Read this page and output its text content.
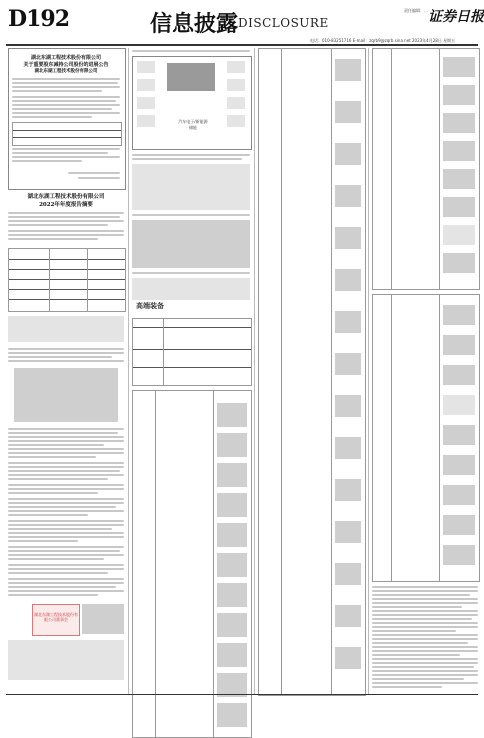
D192	信息披露 DISCLOSURE
责任编辑：… 证券日报
电话：010-83251716 E-mail：zqrb9@zqrb.sina.net 2023年4月28日 星期五
湖北东湖工程技术股份有限公司
关于重要股东减持公司股份的进展公告
湖北东湖工程技术股份有限公司
湖北东湖工程技术股份有限公司
2022年年度报告摘要
湖北东湖工程技术股份有限公司董事会
汽车电子/新能源
储能
高端装备
